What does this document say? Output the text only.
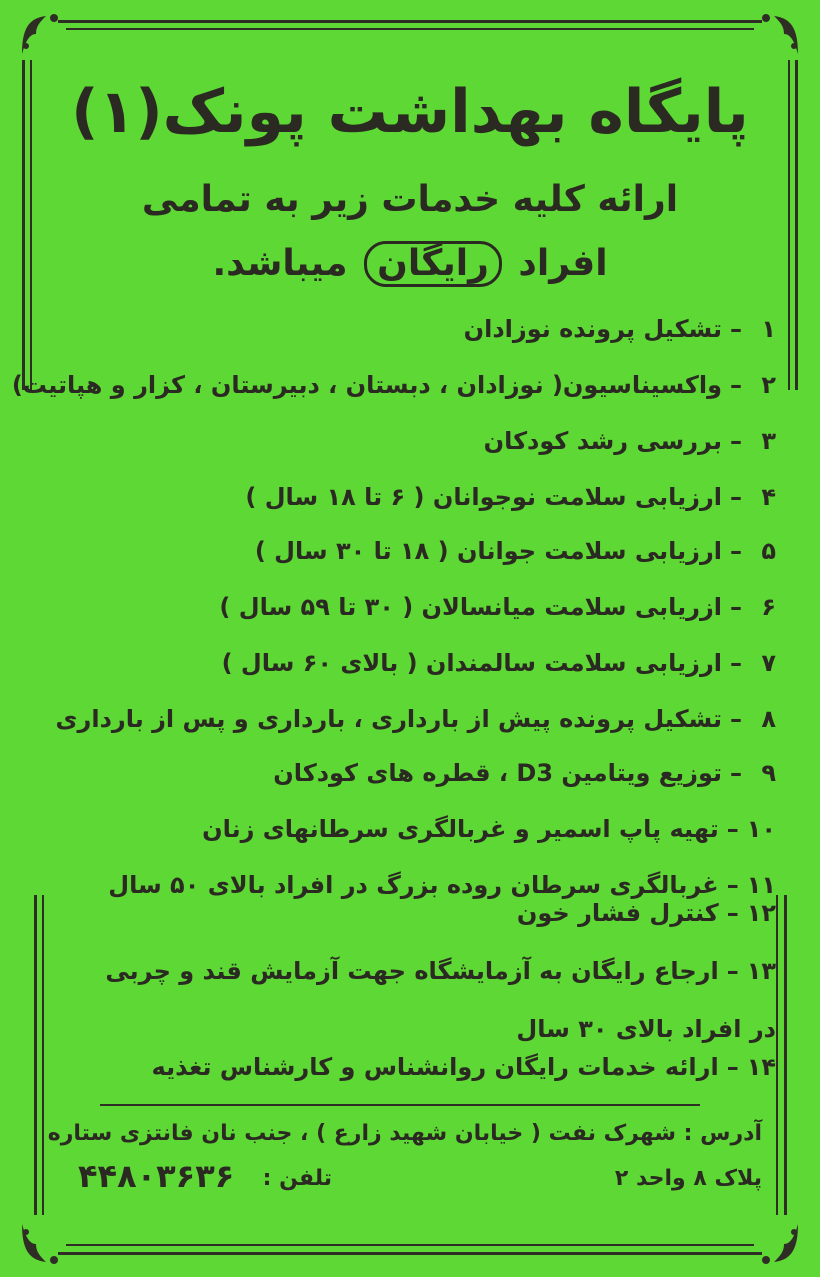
پایگاه بهداشت پونک(۱)
ارائه کلیه خدمات زیر به تمامی
افراد رایگان میباشد.
۱–تشکیل پرونده نوزادان
۲–واکسیناسیون( نوزادان ، دبستان ، دبیرستان ، کزار و هپاتیت)
۳–بررسی رشد کودکان
۴–ارزیابی سلامت نوجوانان ( ۶ تا ۱۸ سال )
۵–ارزیابی سلامت جوانان ( ۱۸ تا ۳۰ سال )
۶–ازریابی سلامت میانسالان ( ۳۰ تا ۵۹ سال )
۷–ارزیابی سلامت سالمندان ( بالای ۶۰ سال )
۸–تشکیل پرونده پیش از بارداری ، بارداری و پس از بارداری
۹–توزیع ویتامین D3 ، قطره های کودکان
۱۰–تهیه پاپ اسمیر و غربالگری سرطانهای زنان
۱۱–غربالگری سرطان روده بزرگ در افراد بالای ۵۰ سال
۱۲–کنترل فشار خون
۱۳–ارجاع رایگان به آزمایشگاه جهت آزمایش قند و چربی در افراد بالای ۳۰ سال
۱۴–ارائه خدمات رایگان روانشناس و کارشناس تغذیه
آدرس : شهرک نفت ( خیابان شهید زارع ) ، جنب نان فانتزی ستاره
پلاک ۸ واحد ۲
تلفن :
۴۴۸۰۳۶۳۶
